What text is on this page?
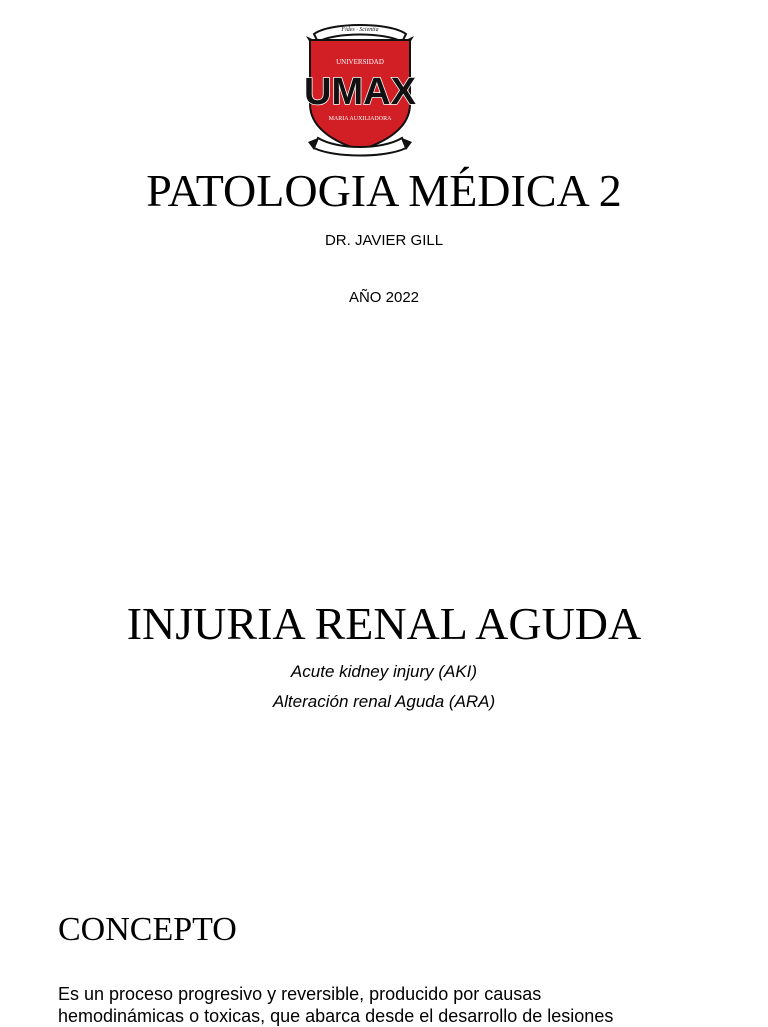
Fides · Scientia
UNIVERSIDAD
UMAX
MARIA AUXILIADORA
PATOLOGIA MÉDICA 2
DR. JAVIER GILL
AÑO 2022
INJURIA RENAL AGUDA
Acute kidney injury (AKI)
Alteración renal Aguda (ARA)
CONCEPTO
Es un proceso progresivo y reversible, producido por causas
hemodinámicas o toxicas, que abarca desde el desarrollo de lesiones
